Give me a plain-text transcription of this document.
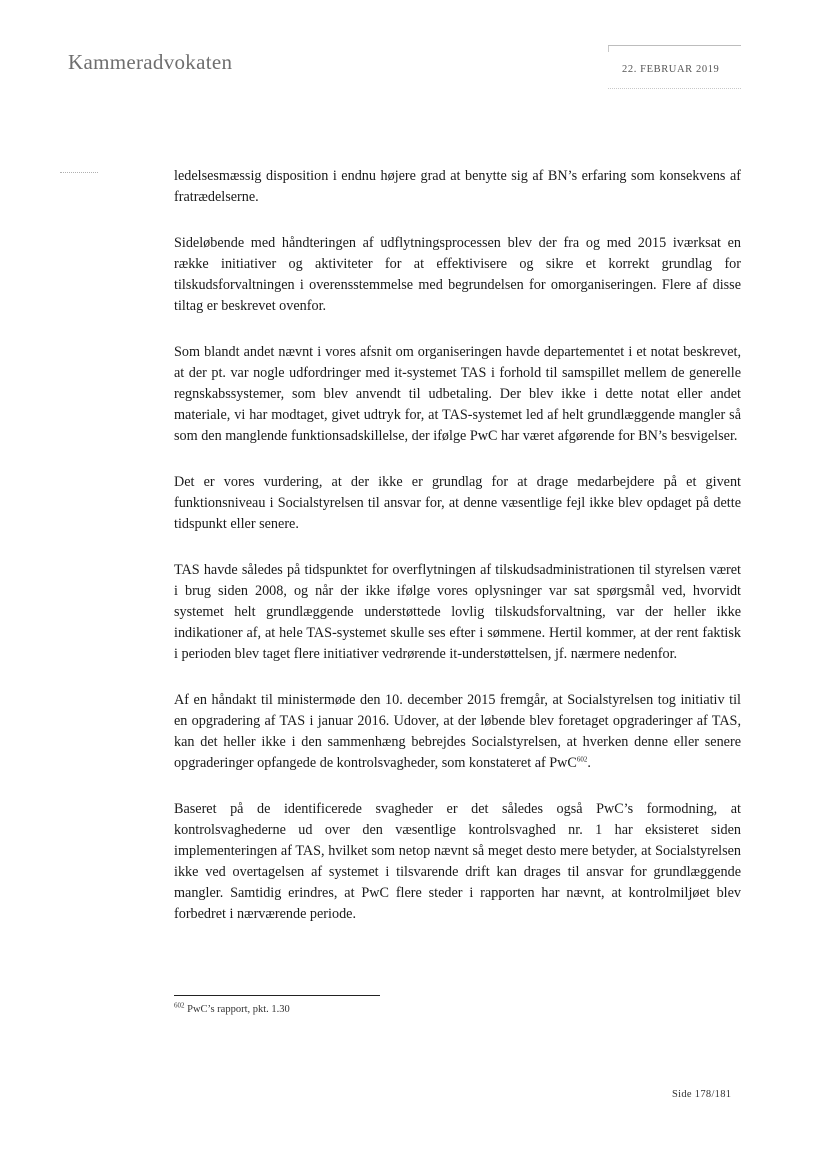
Kammeradvokaten	22. FEBRUAR 2019

ledelsesmæssig disposition i endnu højere grad at benytte sig af BN’s erfaring som konsekvens af fratrædelserne.

Sideløbende med håndteringen af udflytningsprocessen blev der fra og med 2015 iværksat en række initiativer og aktiviteter for at effektivisere og sikre et korrekt grundlag for tilskudsforvaltningen i overensstemmelse med begrundelsen for omorganiseringen. Flere af disse tiltag er beskrevet ovenfor.

Som blandt andet nævnt i vores afsnit om organiseringen havde departementet i et notat beskrevet, at der pt. var nogle udfordringer med it-systemet TAS i forhold til samspillet mellem de generelle regnskabssystemer, som blev anvendt til udbetaling. Der blev ikke i dette notat eller andet materiale, vi har modtaget, givet udtryk for, at TAS-systemet led af helt grundlæggende mangler så som den manglende funktionsadskillelse, der ifølge PwC har været afgørende for BN’s besvigelser.

Det er vores vurdering, at der ikke er grundlag for at drage medarbejdere på et givent funktionsniveau i Socialstyrelsen til ansvar for, at denne væsentlige fejl ikke blev opdaget på dette tidspunkt eller senere.

TAS havde således på tidspunktet for overflytningen af tilskudsadministrationen til styrelsen været i brug siden 2008, og når der ikke ifølge vores oplysninger var sat spørgsmål ved, hvorvidt systemet helt grundlæggende understøttede lovlig tilskudsforvaltning, var der heller ikke indikationer af, at hele TAS-systemet skulle ses efter i sømmene. Hertil kommer, at der rent faktisk i perioden blev taget flere initiativer vedrørende it-understøttelsen, jf. nærmere nedenfor.

Af en håndakt til ministermøde den 10. december 2015 fremgår, at Socialstyrelsen tog initiativ til en opgradering af TAS i januar 2016. Udover, at der løbende blev foretaget opgraderinger af TAS, kan det heller ikke i den sammenhæng bebrejdes Socialstyrelsen, at hverken denne eller senere opgraderinger opfangede de kontrolsvagheder, som konstateret af PwC$^{602}$.

Baseret på de identificerede svagheder er det således også PwC’s formodning, at kontrolsvaghederne ud over den væsentlige kontrolsvaghed nr. 1 har eksisteret siden implementeringen af TAS, hvilket som netop nævnt så meget desto mere betyder, at Socialstyrelsen ikke ved overtagelsen af systemet i tilsvarende drift kan drages til ansvar for grundlæggende mangler. Samtidig erindres, at PwC flere steder i rapporten har nævnt, at kontrolmiljøet blev forbedret i nærværende periode.

$^{602}$ PwC’s rapport, pkt. 1.30
Side 178/181
